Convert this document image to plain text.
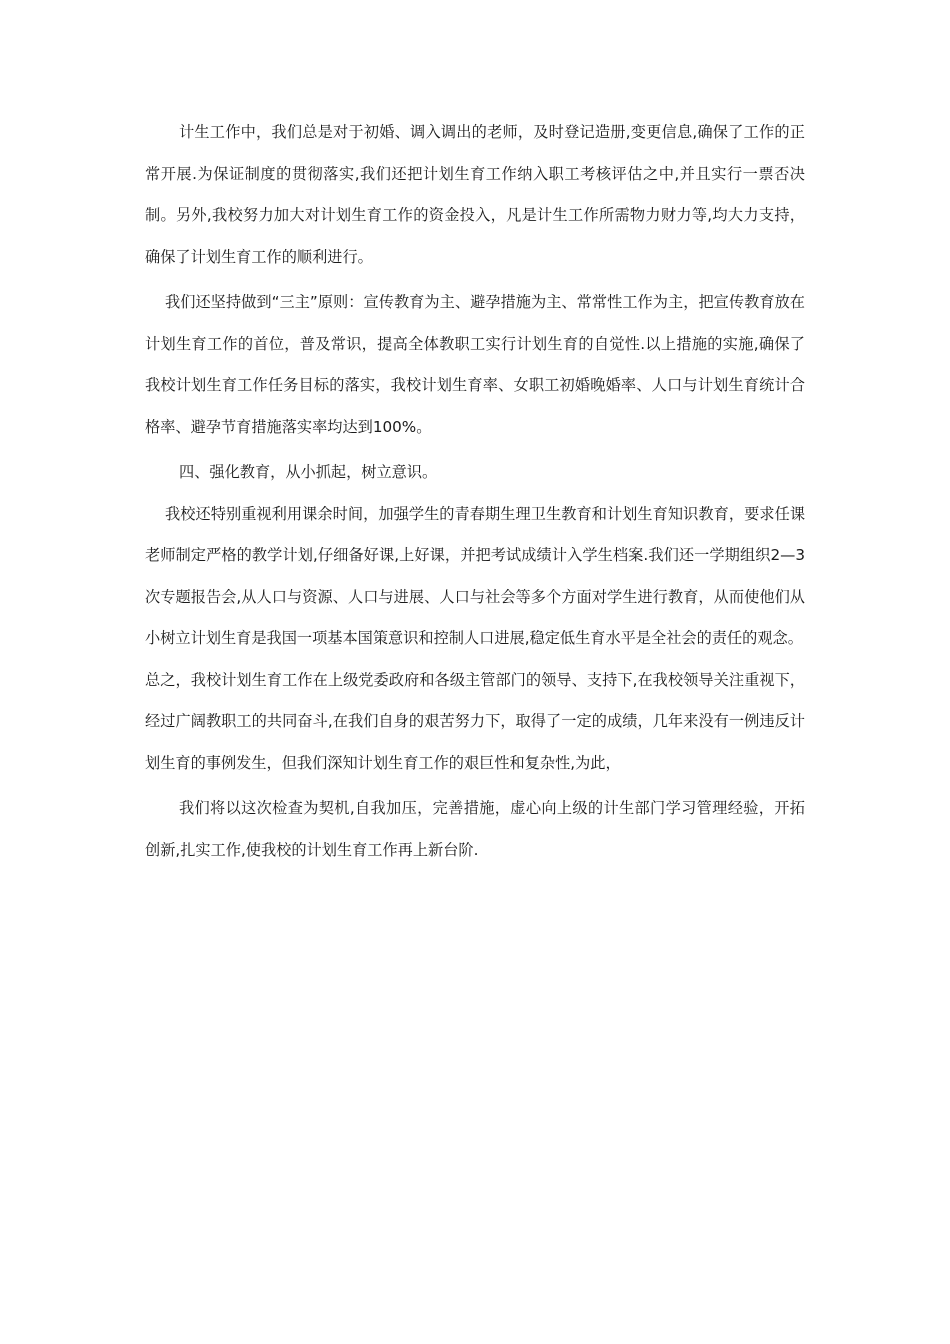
计生工作中，我们总是对于初婚、调入调出的老师，及时登记造册,变更信息,确保了工作的正常开展.为保证制度的贯彻落实,我们还把计划生育工作纳入职工考核评估之中,并且实行一票否决制。另外,我校努力加大对计划生育工作的资金投入，凡是计生工作所需物力财力等,均大力支持，确保了计划生育工作的顺利进行。

我们还坚持做到“三主”原则：宣传教育为主、避孕措施为主、常常性工作为主，把宣传教育放在计划生育工作的首位，普及常识，提高全体教职工实行计划生育的自觉性.以上措施的实施,确保了我校计划生育工作任务目标的落实，我校计划生育率、女职工初婚晚婚率、人口与计划生育统计合格率、避孕节育措施落实率均达到100%。

四、强化教育，从小抓起，树立意识。

我校还特别重视利用课余时间，加强学生的青春期生理卫生教育和计划生育知识教育，要求任课老师制定严格的教学计划,仔细备好课,上好课，并把考试成绩计入学生档案.我们还一学期组织2—3次专题报告会,从人口与资源、人口与进展、人口与社会等多个方面对学生进行教育，从而使他们从小树立计划生育是我国一项基本国策意识和控制人口进展,稳定低生育水平是全社会的责任的观念。

总之，我校计划生育工作在上级党委政府和各级主管部门的领导、支持下,在我校领导关注重视下，经过广阔教职工的共同奋斗,在我们自身的艰苦努力下，取得了一定的成绩，几年来没有一例违反计划生育的事例发生，但我们深知计划生育工作的艰巨性和复杂性,为此，

我们将以这次检查为契机,自我加压，完善措施，虚心向上级的计生部门学习管理经验，开拓创新,扎实工作,使我校的计划生育工作再上新台阶.
